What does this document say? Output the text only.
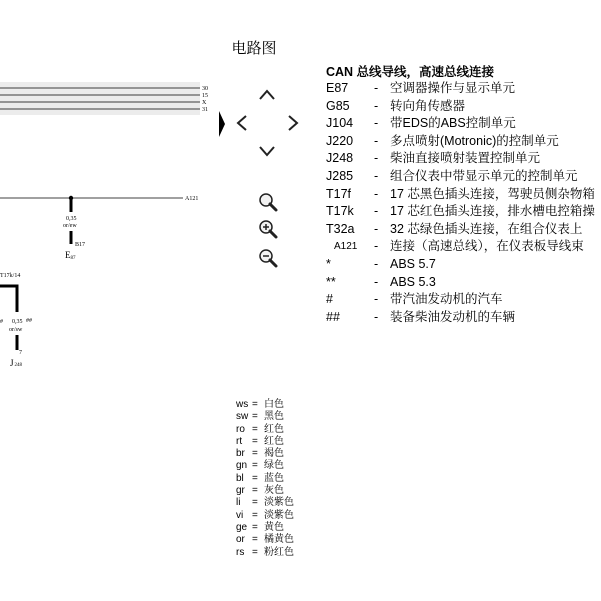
电路图
30
15
X
31
A121
0,35
or/ew
B17
E87
T17k/14
# 0,35 ##
or/sw
7
J248
CAN 总线导线，高速总线连接
E87	- 空调器操作与显示单元
G85	- 转向角传感器
J104	- 带EDS的ABS控制单元
J220	- 多点喷射(Motronic)的控制单元
J248	- 柴油直接喷射装置控制单元
J285	- 组合仪表中带显示单元的控制单元
T17f	- 17 芯黑色插头连接，驾驶员侧杂物箱
T17k	- 17 芯红色插头连接，排水槽电控箱操
T32a	- 32 芯绿色插头连接，在组合仪表上
A121	- 连接（高速总线），在仪表板导线束
*	- ABS 5.7
**	- ABS 5.3
#	- 带汽油发动机的汽车
##	- 装备柴油发动机的车辆
ws = 白色
sw = 黑色
ro = 红色
rt = 红色
br = 褐色
gn = 绿色
bl = 蓝色
gr = 灰色
li = 淡紫色
vi = 淡紫色
ge = 黄色
or = 橘黄色
rs = 粉红色
